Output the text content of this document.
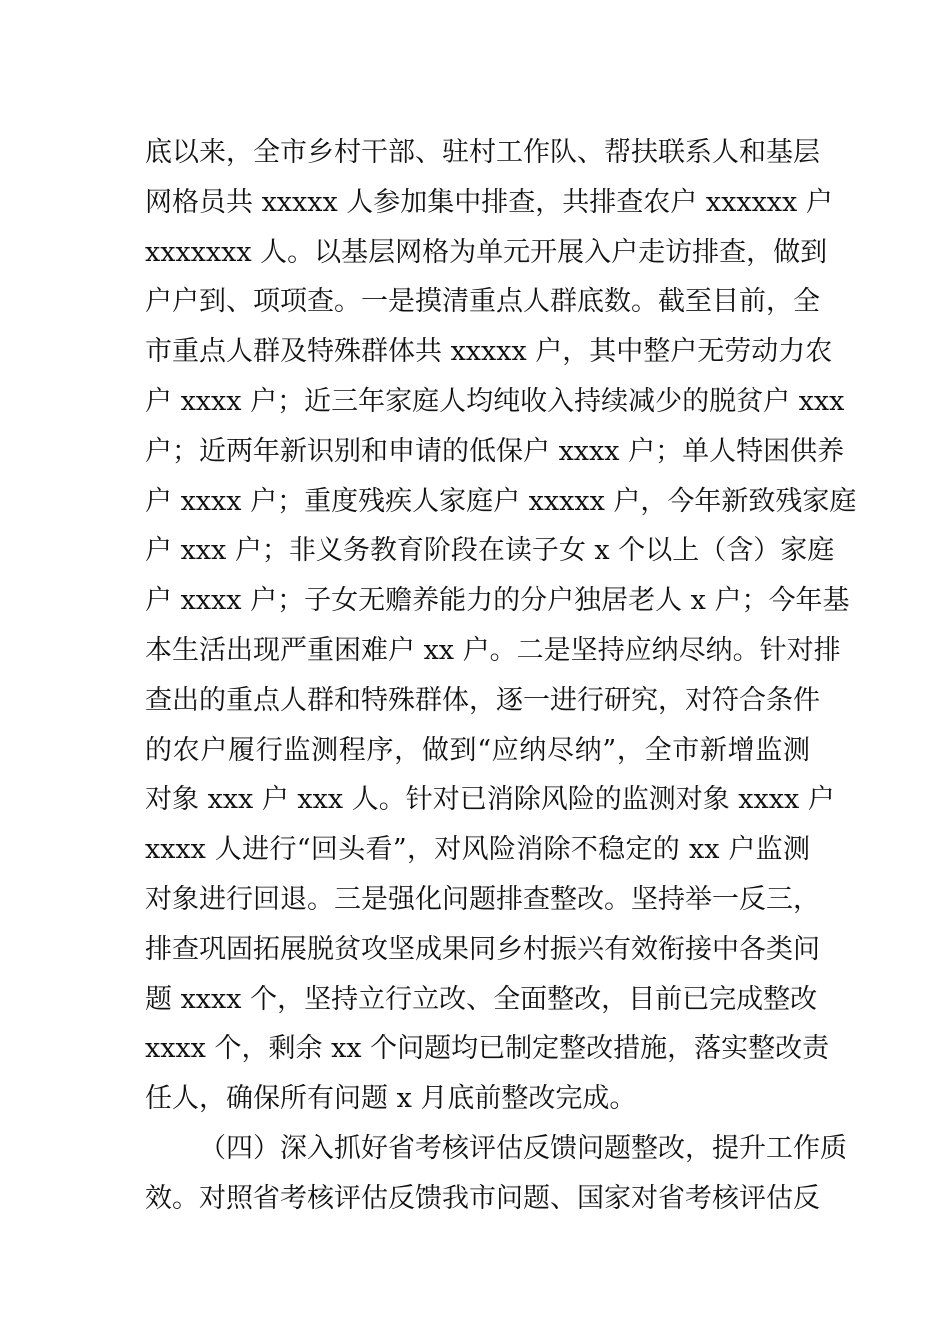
底以来，全市乡村干部、驻村工作队、帮扶联系人和基层
网格员共 xxxxx 人参加集中排查，共排查农户 xxxxxx 户
xxxxxxx 人。以基层网格为单元开展入户走访排查，做到
户户到、项项查。一是摸清重点人群底数。截至目前，全
市重点人群及特殊群体共 xxxxx 户，其中整户无劳动力农
户 xxxx 户；近三年家庭人均纯收入持续减少的脱贫户 xxx
户；近两年新识别和申请的低保户 xxxx 户；单人特困供养
户 xxxx 户；重度残疾人家庭户 xxxxx 户，今年新致残家庭
户 xxx 户；非义务教育阶段在读子女 x 个以上（含）家庭
户 xxxx 户；子女无赡养能力的分户独居老人 x 户；今年基
本生活出现严重困难户 xx 户。二是坚持应纳尽纳。针对排
查出的重点人群和特殊群体，逐一进行研究，对符合条件
的农户履行监测程序，做到“应纳尽纳”，全市新增监测
对象 xxx 户 xxx 人。针对已消除风险的监测对象 xxxx 户
xxxx 人进行“回头看”，对风险消除不稳定的 xx 户监测
对象进行回退。三是强化问题排查整改。坚持举一反三，
排查巩固拓展脱贫攻坚成果同乡村振兴有效衔接中各类问
题 xxxx 个，坚持立行立改、全面整改，目前已完成整改
xxxx 个，剩余 xx 个问题均已制定整改措施，落实整改责
任人，确保所有问题 x 月底前整改完成。
（四）深入抓好省考核评估反馈问题整改，提升工作质
效。对照省考核评估反馈我市问题、国家对省考核评估反
